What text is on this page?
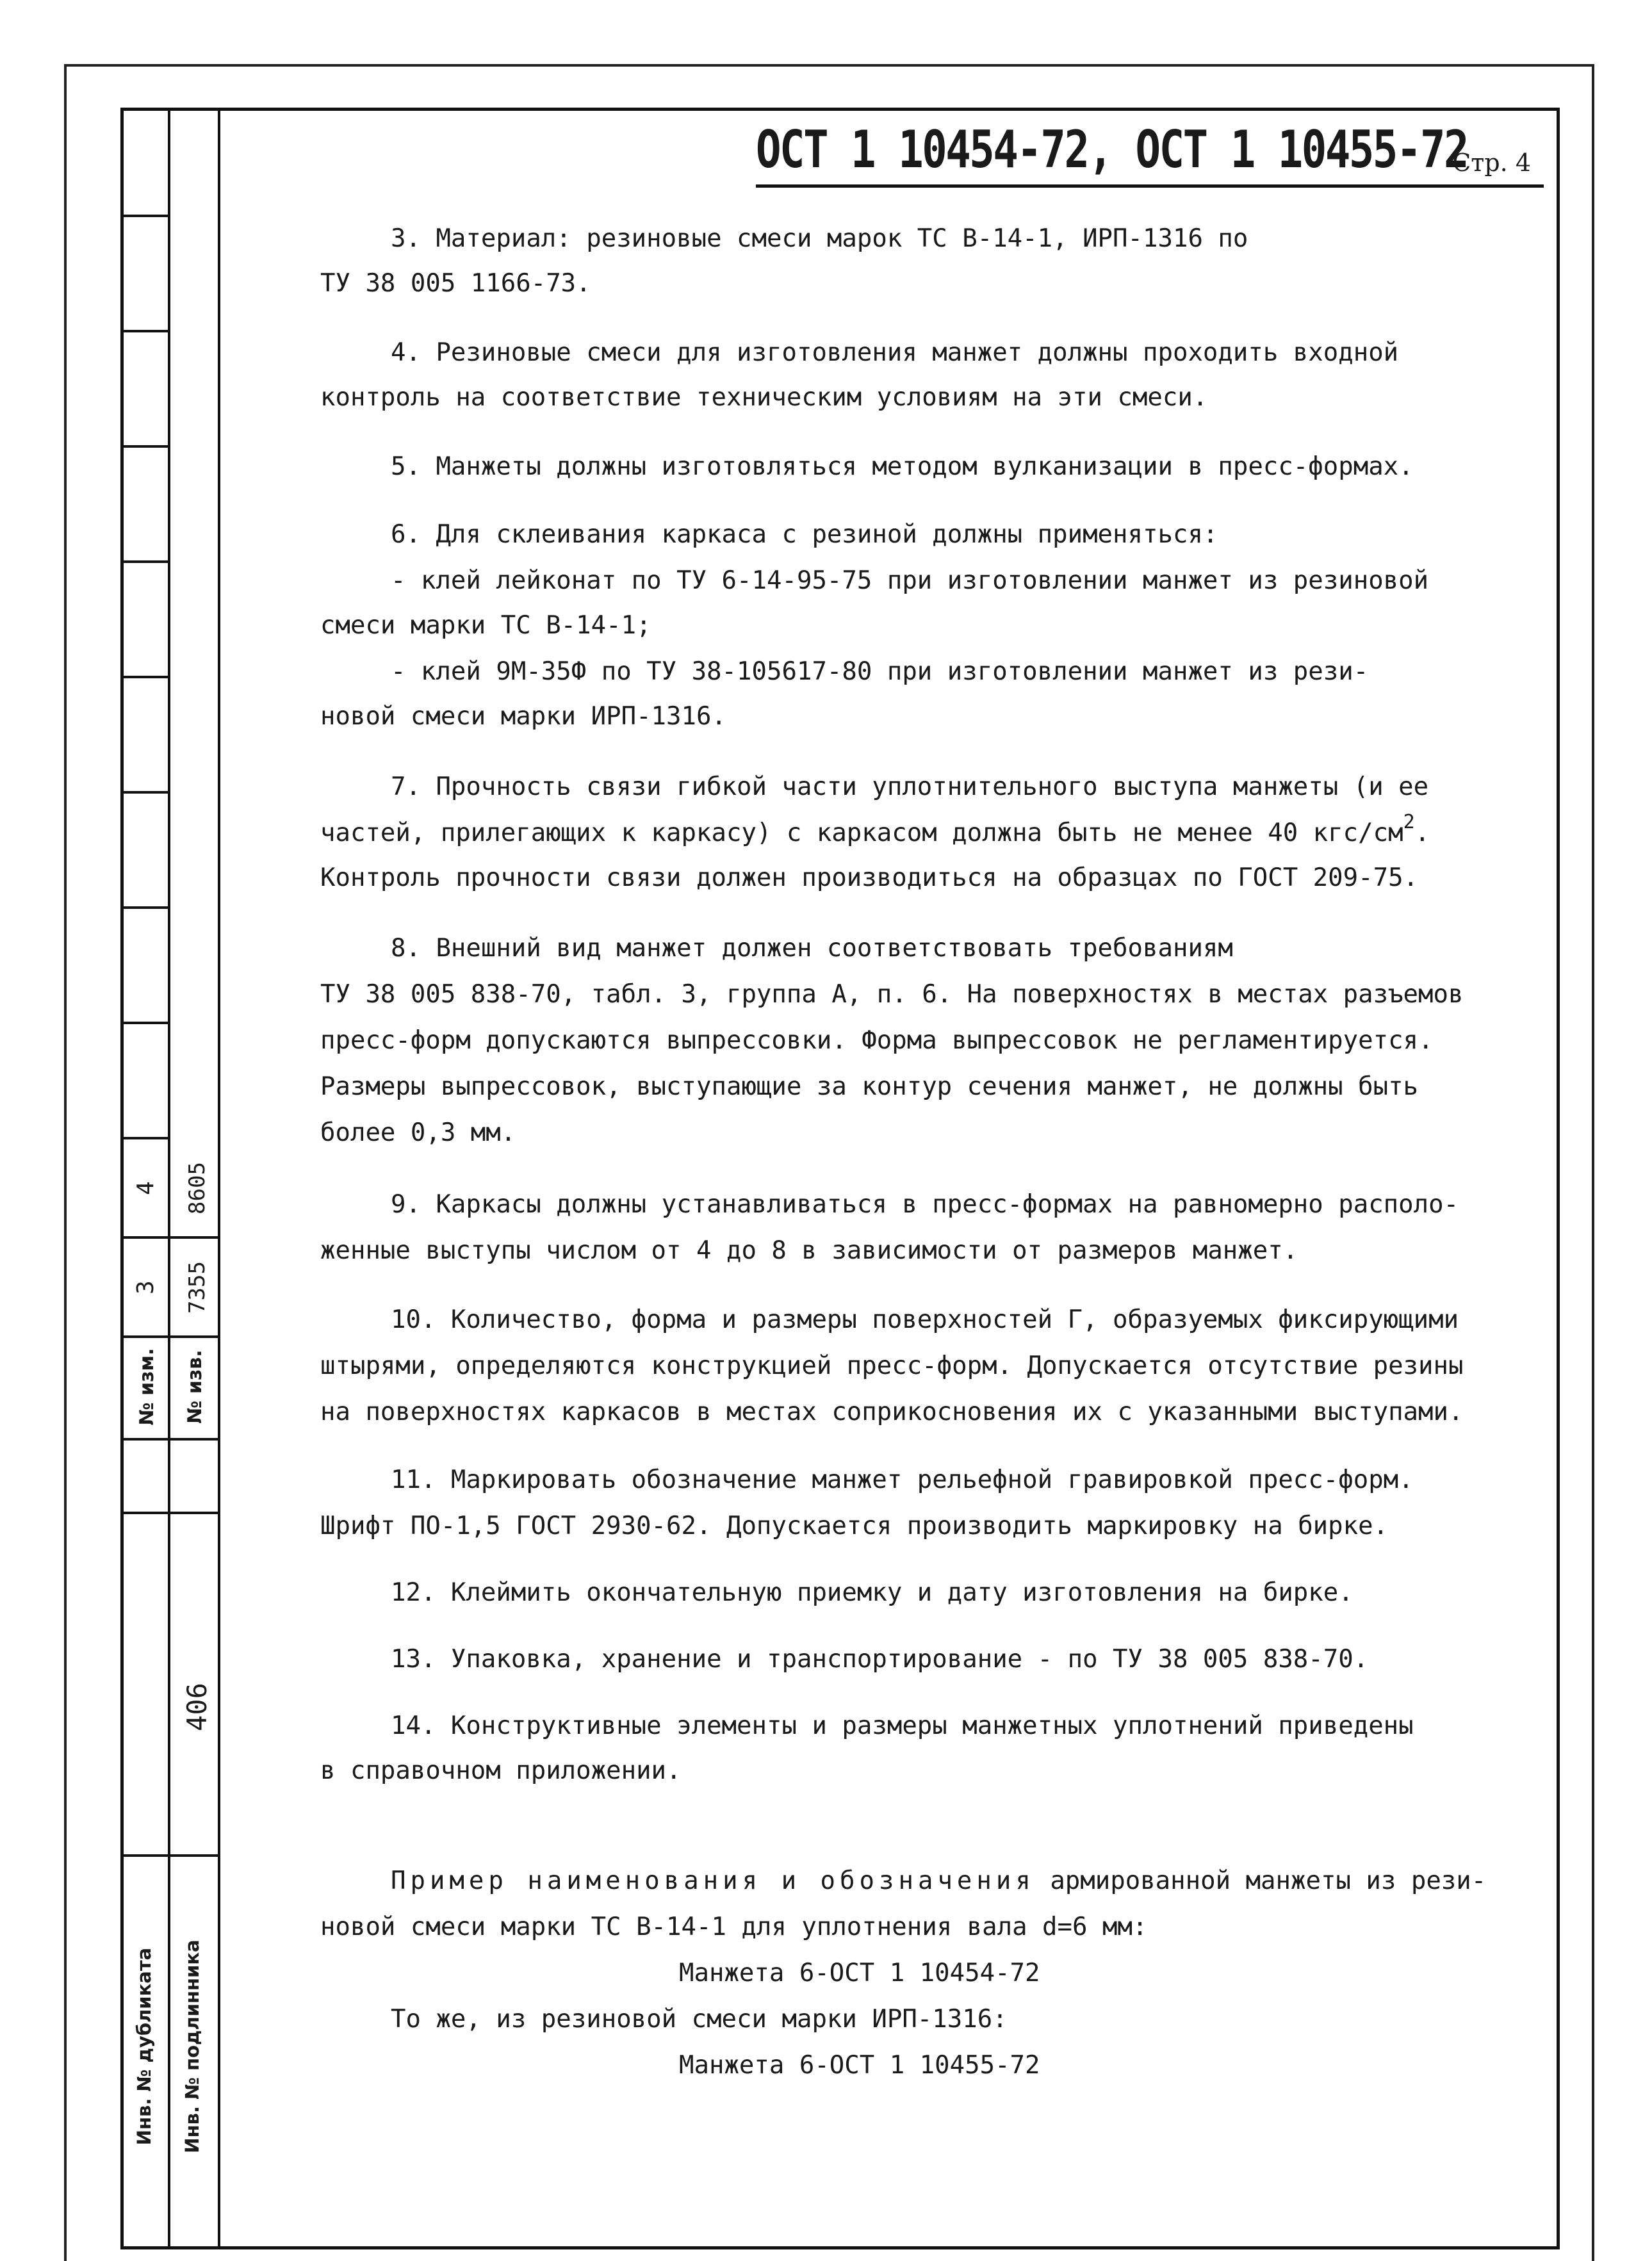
4	8605
3	7355
№ изм.	№ изв.
406
Инв. № дубликата	Инв. № подлинника
ОСТ 1 10454-72, ОСТ 1 10455-72
Стр. 4
3. Материал: резиновые смеси марок ТС В-14-1, ИРП-1316 по
ТУ 38 005 1166-73.
4. Резиновые смеси для изготовления манжет должны проходить входной
контроль на соответствие техническим условиям на эти смеси.
5. Манжеты должны изготовляться методом вулканизации в пресс-формах.
6. Для склеивания каркаса с резиной должны применяться:
- клей лейконат по ТУ 6-14-95-75 при изготовлении манжет из резиновой
смеси марки ТС В-14-1;
- клей 9М-35Ф по ТУ 38-105617-80 при изготовлении манжет из рези-
новой смеси марки ИРП-1316.
7. Прочность связи гибкой части уплотнительного выступа манжеты (и ее
частей, прилегающих к каркасу) с каркасом должна быть не менее 40 кгс/$см^2$.
Контроль прочности связи должен производиться на образцах по ГОСТ 209-75.
8. Внешний вид манжет должен соответствовать требованиям
ТУ 38 005 838-70, табл. 3, группа А, п. 6. На поверхностях в местах разъемов
пресс-форм допускаются выпрессовки. Форма выпрессовок не регламентируется.
Размеры выпрессовок, выступающие за контур сечения манжет, не должны быть
более 0,3 мм.
9. Каркасы должны устанавливаться в пресс-формах на равномерно располо-
женные выступы числом от 4 до 8 в зависимости от размеров манжет.
10. Количество, форма и размеры поверхностей Г, образуемых фиксирующими
штырями, определяются конструкцией пресс-форм. Допускается отсутствие резины
на поверхностях каркасов в местах соприкосновения их с указанными выступами.
11. Маркировать обозначение манжет рельефной гравировкой пресс-форм.
Шрифт ПО-1,5 ГОСТ 2930-62. Допускается производить маркировку на бирке.
12. Клеймить окончательную приемку и дату изготовления на бирке.
13. Упаковка, хранение и транспортирование - по ТУ 38 005 838-70.
14. Конструктивные элементы и размеры манжетных уплотнений приведены
в справочном приложении.
Пример наименования и обозначения армированной манжеты из рези-
новой смеси марки ТС В-14-1 для уплотнения вала d=6 мм:
Манжета 6-ОСТ 1 10454-72
То же, из резиновой смеси марки ИРП-1316:
Манжета 6-ОСТ 1 10455-72
